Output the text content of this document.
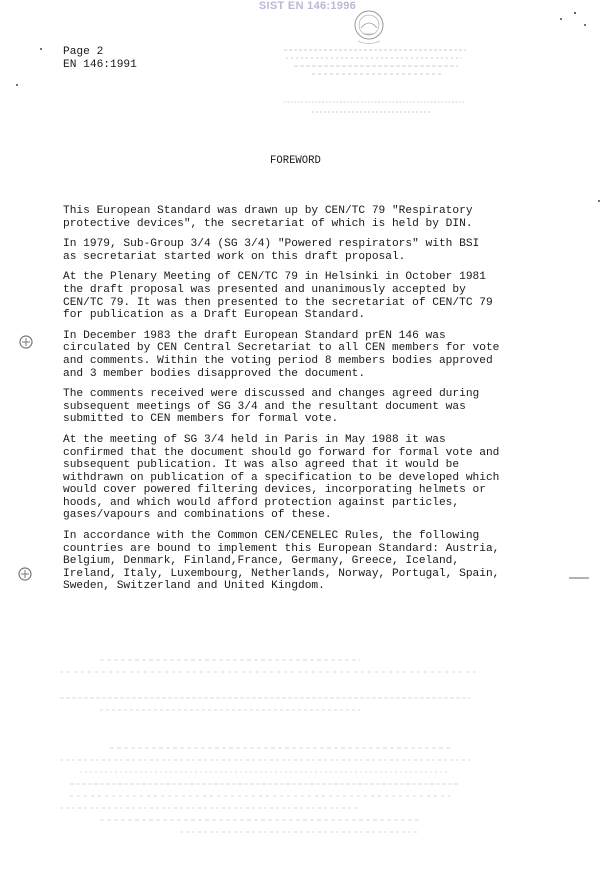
SIST EN 146:1996
Page 2
EN 146:1991
FOREWORD

This European Standard was drawn up by CEN/TC 79 "Respiratory
protective devices", the secretariat of which is held by DIN.

In 1979, Sub-Group 3/4 (SG 3/4) "Powered respirators" with BSI
as secretariat started work on this draft proposal.

At the Plenary Meeting of CEN/TC 79 in Helsinki in October 1981
the draft proposal was presented and unanimously accepted by
CEN/TC 79. It was then presented to the secretariat of CEN/TC 79
for publication as a Draft European Standard.

In December 1983 the draft European Standard prEN 146 was
circulated by CEN Central Secretariat to all CEN members for vote
and comments. Within the voting period 8 members bodies approved
and 3 member bodies disapproved the document.

The comments received were discussed and changes agreed during
subsequent meetings of SG 3/4 and the resultant document was
submitted to CEN members for formal vote.

At the meeting of SG 3/4 held in Paris in May 1988 it was
confirmed that the document should go forward for formal vote and
subsequent publication. It was also agreed that it would be
withdrawn on publication of a specification to be developed which
would cover powered filtering devices, incorporating helmets or
hoods, and which would afford protection against particles,
gases/vapours and combinations of these.

In accordance with the Common CEN/CENELEC Rules, the following
countries are bound to implement this European Standard: Austria,
Belgium, Denmark, Finland,France, Germany, Greece, Iceland,
Ireland, Italy, Luxembourg, Netherlands, Norway, Portugal, Spain,
Sweden, Switzerland and United Kingdom.
